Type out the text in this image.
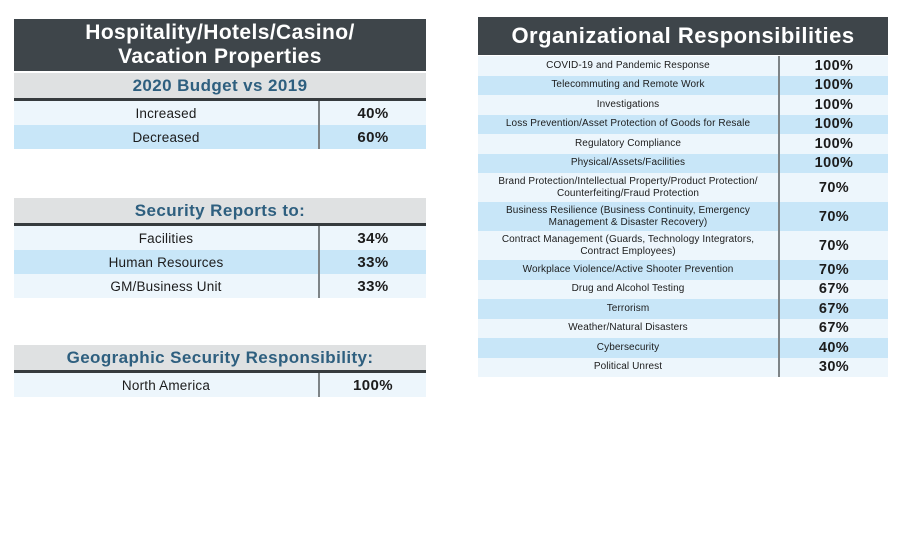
Hospitality/Hotels/Casino/
Vacation Properties
2020 Budget vs 2019
Increased	40%
Decreased	60%
Security Reports to:
Facilities	34%
Human Resources	33%
GM/Business Unit	33%
Geographic Security Responsibility:
North America	100%
Organizational Responsibilities
COVID-19 and Pandemic Response	100%
Telecommuting and Remote Work	100%
Investigations	100%
Loss Prevention/Asset Protection of Goods for Resale	100%
Regulatory Compliance	100%
Physical/Assets/Facilities	100%
Brand Protection/Intellectual Property/Product Protection/ Counterfeiting/Fraud Protection	70%
Business Resilience (Business Continuity, Emergency Management & Disaster Recovery)	70%
Contract Management (Guards, Technology Integrators, Contract Employees)	70%
Workplace Violence/Active Shooter Prevention	70%
Drug and Alcohol Testing	67%
Terrorism	67%
Weather/Natural Disasters	67%
Cybersecurity	40%
Political Unrest	30%
